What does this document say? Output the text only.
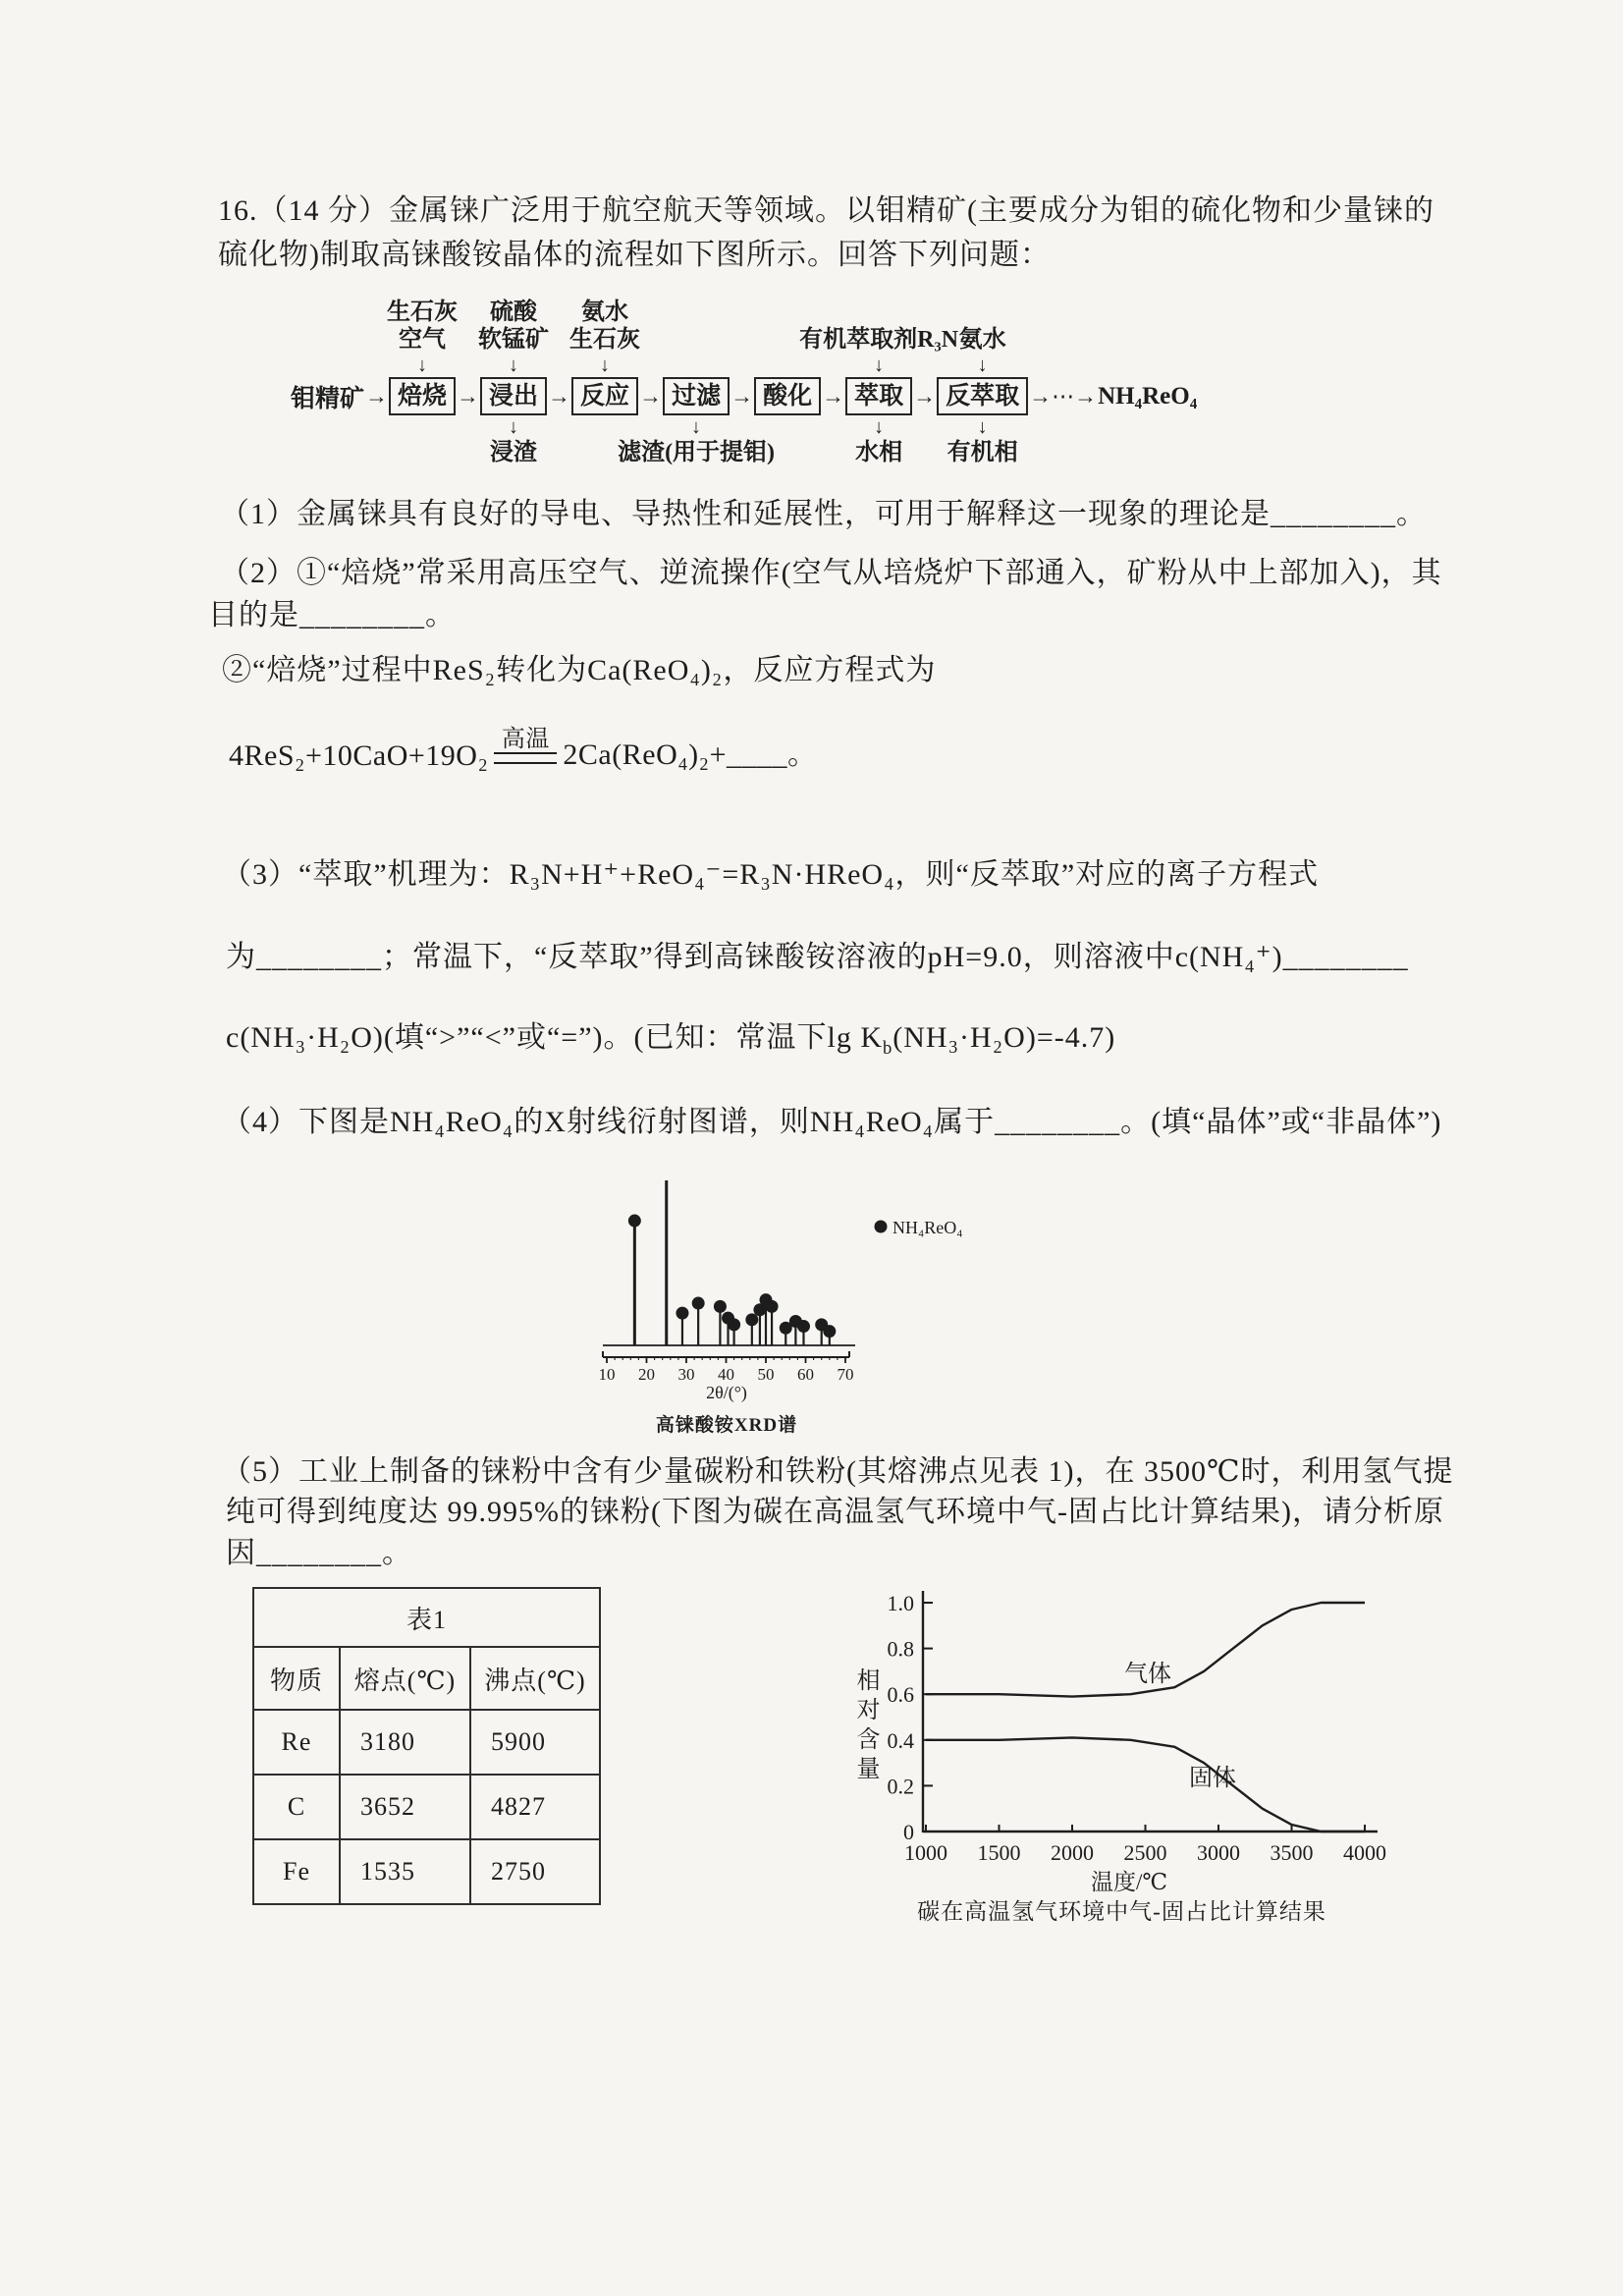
16.（14 分）金属铼广泛用于航空航天等领域。以钼精矿(主要成分为钼的硫化物和少量铼的
硫化物)制取高铼酸铵晶体的流程如下图所示。回答下列问题：
钼精矿 →
生石灰
空气
↓
焙烧 →
硫酸
软锰矿
↓
浸出
↓
浸渣
→
氨水
生石灰
↓
反应 → 过滤
↓
滤渣(用于提钼)
→ 酸化 →
有机萃取剂R₃N
↓
萃取
↓
水相
→
氨水
↓
反萃取
↓
有机相
→⋯→ NH₄ReO₄
（1）金属铼具有良好的导电、导热性和延展性，可用于解释这一现象的理论是________。
（2）①“焙烧”常采用高压空气、逆流操作(空气从培烧炉下部通入，矿粉从中上部加入)，其
目的是________。
②“焙烧”过程中ReS₂转化为Ca(ReO₄)₂，反应方程式为
4ReS₂+10CaO+19O₂ 高温 2Ca(ReO₄)₂+____。
（3）“萃取”机理为：R₃N+H⁺+ReO₄⁻=R₃N·HReO₄，则“反萃取”对应的离子方程式
为________；常温下，“反萃取”得到高铼酸铵溶液的pH=9.0，则溶液中c(NH₄⁺)________
c(NH₃·H₂O)(填“>”“<”或“=”)。(已知：常温下$\lg K_b(NH_3\cdot H_2O)=-4.7$)
（4）下图是NH₄ReO₄的X射线衍射图谱，则NH₄ReO₄属于________。(填“晶体”或“非晶体”)
NH₄ReO₄
2θ/(°)
10 20 30 40 50 60 70
高铼酸铵XRD谱
（5）工业上制备的铼粉中含有少量碳粉和铁粉(其熔沸点见表 1)，在 3500℃时，利用氢气提
纯可得到纯度达 99.995%的铼粉(下图为碳在高温氢气环境中气-固占比计算结果)，请分析原
因________。
表1		
物质	熔点(℃)	沸点(℃)
Re	3180	5900
C	3652	4827
Fe	1535	2750
相对含量	气体
固体
温度/℃
0
0.2
0.4
0.6
0.8
1.0
1000 1500 2000 2500 3000 3500 4000
碳在高温氢气环境中气-固占比计算结果
